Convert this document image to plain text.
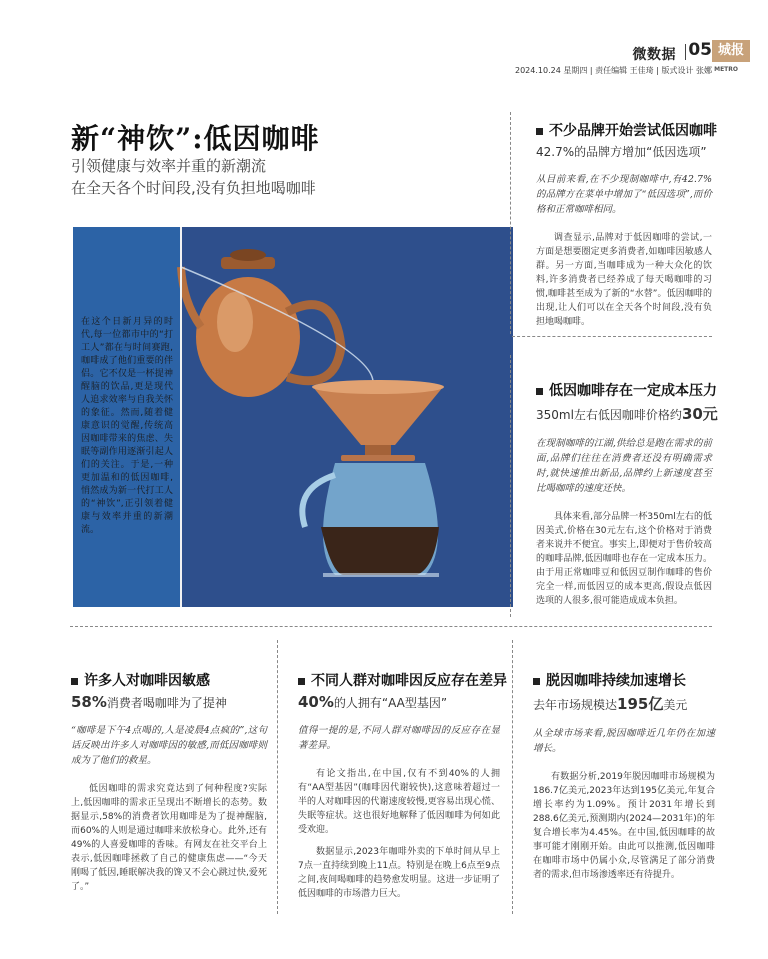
微数据 05 城报
2024.10.24 星期四 | 责任编辑 王佳琦 | 版式设计 张娜 METRO
新“神饮”:低因咖啡
引领健康与效率并重的新潮流
在全天各个时间段,没有负担地喝咖啡
在这个日新月异的时代,每一位都市中的“打工人”都在与时间赛跑,咖啡成了他们重要的伴侣。它不仅是一杯提神醒脑的饮品,更是现代人追求效率与自我关怀的象征。然而,随着健康意识的觉醒,传统高因咖啡带来的焦虑、失眠等副作用逐渐引起人们的关注。于是,一种更加温和的低因咖啡,悄然成为新一代打工人的“神饮”,正引领着健康与效率并重的新潮流。
不少品牌开始尝试低因咖啡
42.7%的品牌方增加“低因选项”
从目前来看,在不少现制咖啡中,有42.7%的品牌方在菜单中增加了“低因选项”,而价格和正常咖啡相同。
调查显示,品牌对于低因咖啡的尝试,一方面是想要圈定更多消费者,如咖啡因敏感人群。另一方面,当咖啡成为一种大众化的饮料,许多消费者已经养成了每天喝咖啡的习惯,咖啡甚至成为了新的“水替”。低因咖啡的出现,让人们可以在全天各个时间段,没有负担地喝咖啡。
低因咖啡存在一定成本压力
350ml左右低因咖啡价格约30元
在现制咖啡的江湖,供给总是跑在需求的前面,品牌们往往在消费者还没有明确需求时,就快速推出新品,品牌约上新速度甚至比喝咖啡的速度还快。
具体来看,部分品牌一杯350ml左右的低因美式,价格在30元左右,这个价格对于消费者来说并不便宜。事实上,即便对于售价较高的咖啡品牌,低因咖啡也存在一定成本压力。由于用正常咖啡豆和低因豆制作咖啡的售价完全一样,而低因豆的成本更高,假设点低因选项的人很多,很可能造成成本负担。
许多人对咖啡因敏感
58%消费者喝咖啡为了提神
“咖啡是下午4点喝的,人是凌晨4点疯的”,这句话反映出许多人对咖啡因的敏感,而低因咖啡则成为了他们的救星。
低因咖啡的需求究竟达到了何种程度?实际上,低因咖啡的需求正呈现出不断增长的态势。数据显示,58%的消费者饮用咖啡是为了提神醒脑,而60%的人则是通过咖啡来放松身心。此外,还有49%的人喜爱咖啡的香味。有网友在社交平台上表示,低因咖啡拯救了自己的健康焦虑——“今天刚喝了低因,睡眠解决我的馋又不会心跳过快,爱死了。”
不同人群对咖啡因反应存在差异
40%的人拥有“AA型基因”
值得一提的是,不同人群对咖啡因的反应存在显著差异。
有论文指出,在中国,仅有不到40%的人拥有“AA型基因”(咖啡因代谢较快),这意味着超过一半的人对咖啡因的代谢速度较慢,更容易出现心慌、失眠等症状。这也很好地解释了低因咖啡为何如此受欢迎。
数据显示,2023年咖啡外卖的下单时间从早上7点一直持续到晚上11点。特别是在晚上6点至9点之间,夜间喝咖啡的趋势愈发明显。这进一步证明了低因咖啡的市场潜力巨大。
脱因咖啡持续加速增长
去年市场规模达195亿美元
从全球市场来看,脱因咖啡近几年仍在加速增长。
有数据分析,2019年脱因咖啡市场规模为186.7亿美元,2023年达到195亿美元,年复合增长率约为1.09%。预计2031年增长到288.6亿美元,预测期内(2024—2031年)的年复合增长率为4.45%。在中国,低因咖啡的故事可能才刚刚开始。由此可以推测,低因咖啡在咖啡市场中仍属小众,尽管满足了部分消费者的需求,但市场渗透率还有待提升。
